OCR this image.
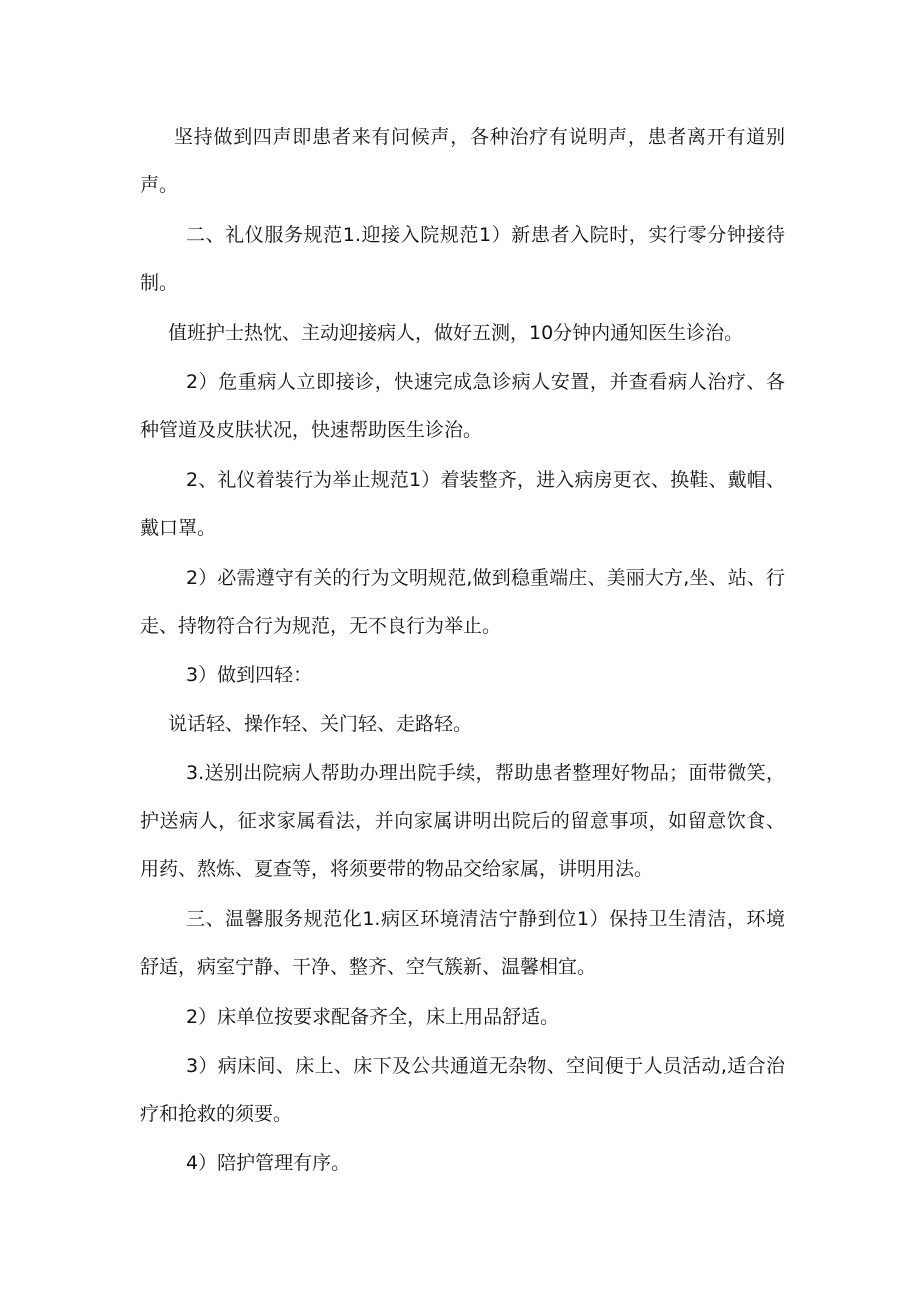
坚持做到四声即患者来有问候声，各种治疗有说明声，患者离开有道别声。

二、礼仪服务规范1.迎接入院规范1）新患者入院时，实行零分钟接待制。

值班护士热忱、主动迎接病人，做好五测，10分钟内通知医生诊治。

2）危重病人立即接诊，快速完成急诊病人安置，并查看病人治疗、各种管道及皮肤状况，快速帮助医生诊治。

2、礼仪着装行为举止规范1）着装整齐，进入病房更衣、换鞋、戴帽、戴口罩。

2）必需遵守有关的行为文明规范,做到稳重端庄、美丽大方,坐、站、行走、持物符合行为规范，无不良行为举止。

3）做到四轻：

说话轻、操作轻、关门轻、走路轻。

3.送别出院病人帮助办理出院手续，帮助患者整理好物品；面带微笑，护送病人，征求家属看法，并向家属讲明出院后的留意事项，如留意饮食、用药、熬炼、夏查等，将须要带的物品交给家属，讲明用法。

三、温馨服务规范化1.病区环境清洁宁静到位1）保持卫生清洁，环境舒适，病室宁静、干净、整齐、空气簇新、温馨相宜。

2）床单位按要求配备齐全，床上用品舒适。

3）病床间、床上、床下及公共通道无杂物、空间便于人员活动,适合治疗和抢救的须要。

4）陪护管理有序。
